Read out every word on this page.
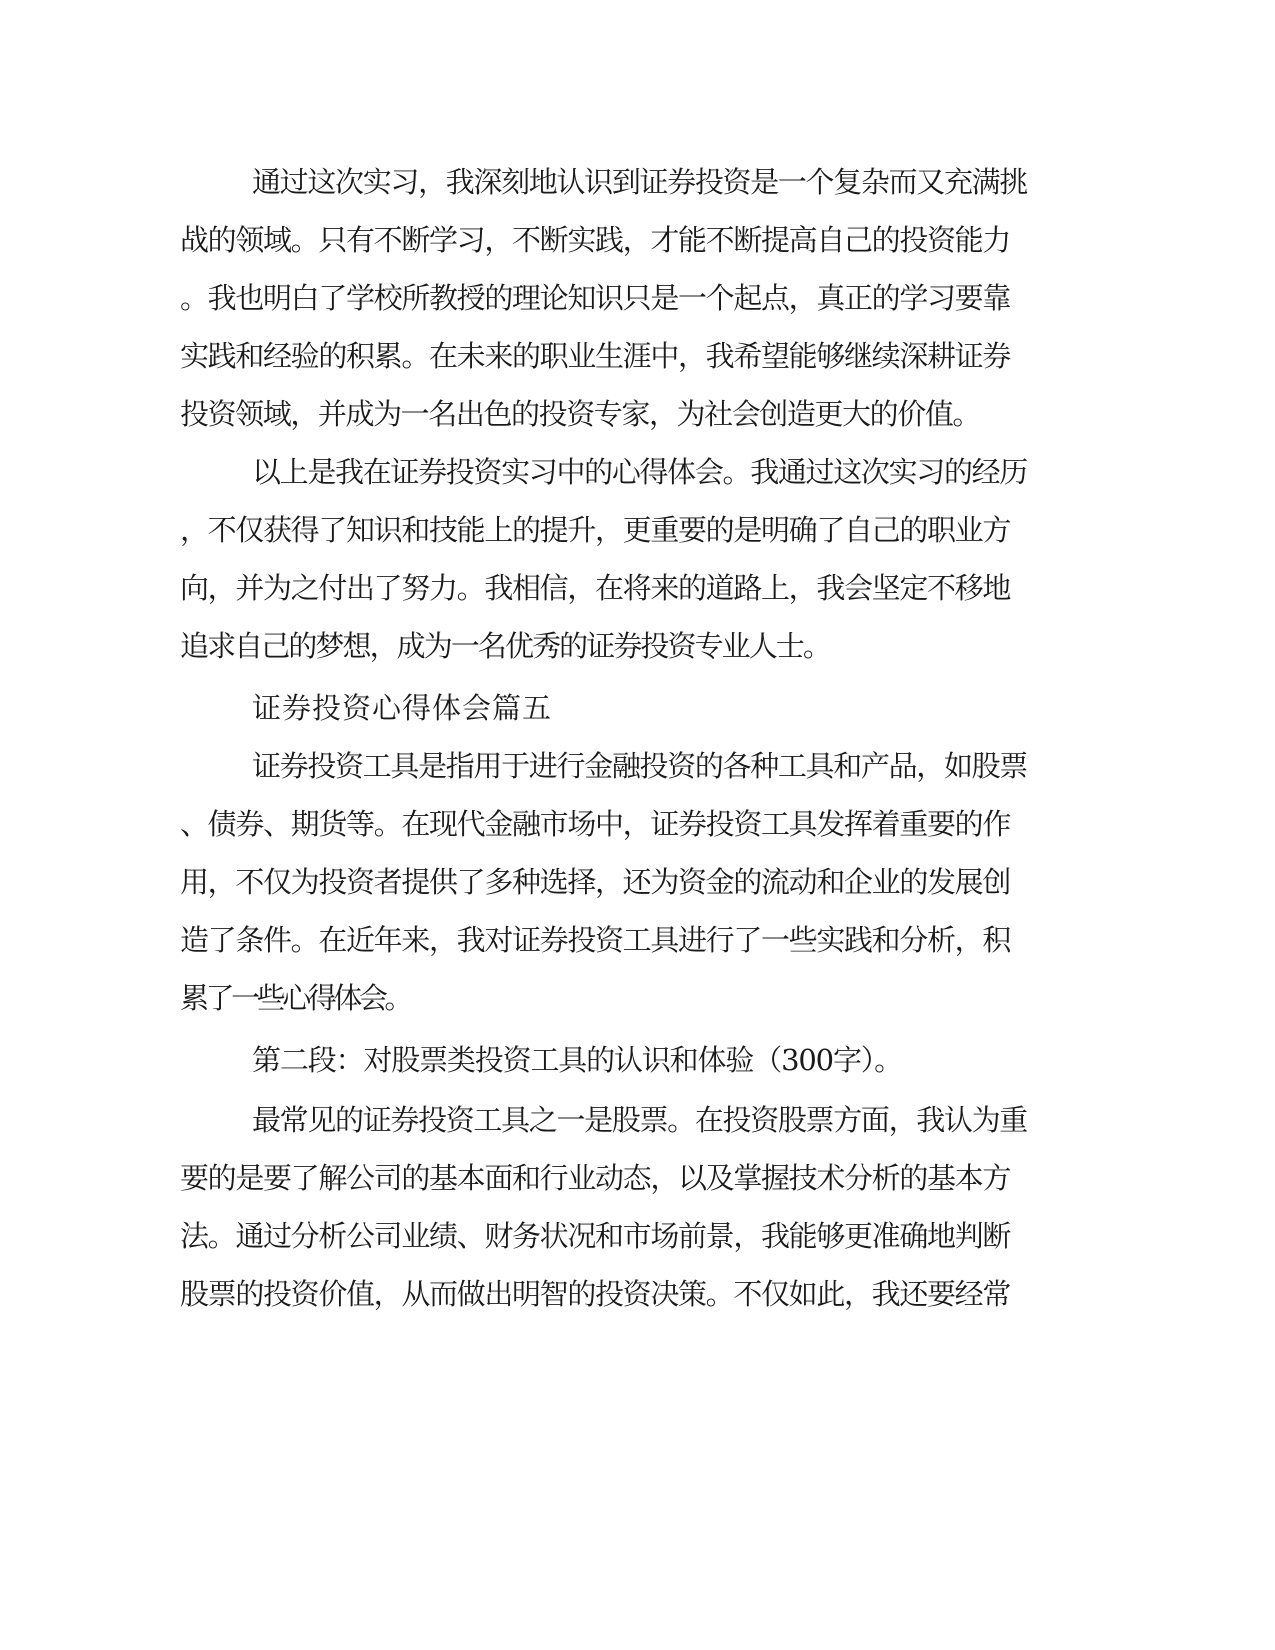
通过这次实习，我深刻地认识到证券投资是一个复杂而又充满挑
战的领域。只有不断学习，不断实践，才能不断提高自己的投资能力
。我也明白了学校所教授的理论知识只是一个起点，真正的学习要靠
实践和经验的积累。在未来的职业生涯中，我希望能够继续深耕证券
投资领域，并成为一名出色的投资专家，为社会创造更大的价值。
以上是我在证券投资实习中的心得体会。我通过这次实习的经历
，不仅获得了知识和技能上的提升，更重要的是明确了自己的职业方
向，并为之付出了努力。我相信，在将来的道路上，我会坚定不移地
追求自己的梦想，成为一名优秀的证券投资专业人士。
证券投资心得体会篇五
证券投资工具是指用于进行金融投资的各种工具和产品，如股票
、债券、期货等。在现代金融市场中，证券投资工具发挥着重要的作
用，不仅为投资者提供了多种选择，还为资金的流动和企业的发展创
造了条件。在近年来，我对证券投资工具进行了一些实践和分析，积
累了一些心得体会。
第二段：对股票类投资工具的认识和体验（300字）。
最常见的证券投资工具之一是股票。在投资股票方面，我认为重
要的是要了解公司的基本面和行业动态，以及掌握技术分析的基本方
法。通过分析公司业绩、财务状况和市场前景，我能够更准确地判断
股票的投资价值，从而做出明智的投资决策。不仅如此，我还要经常
